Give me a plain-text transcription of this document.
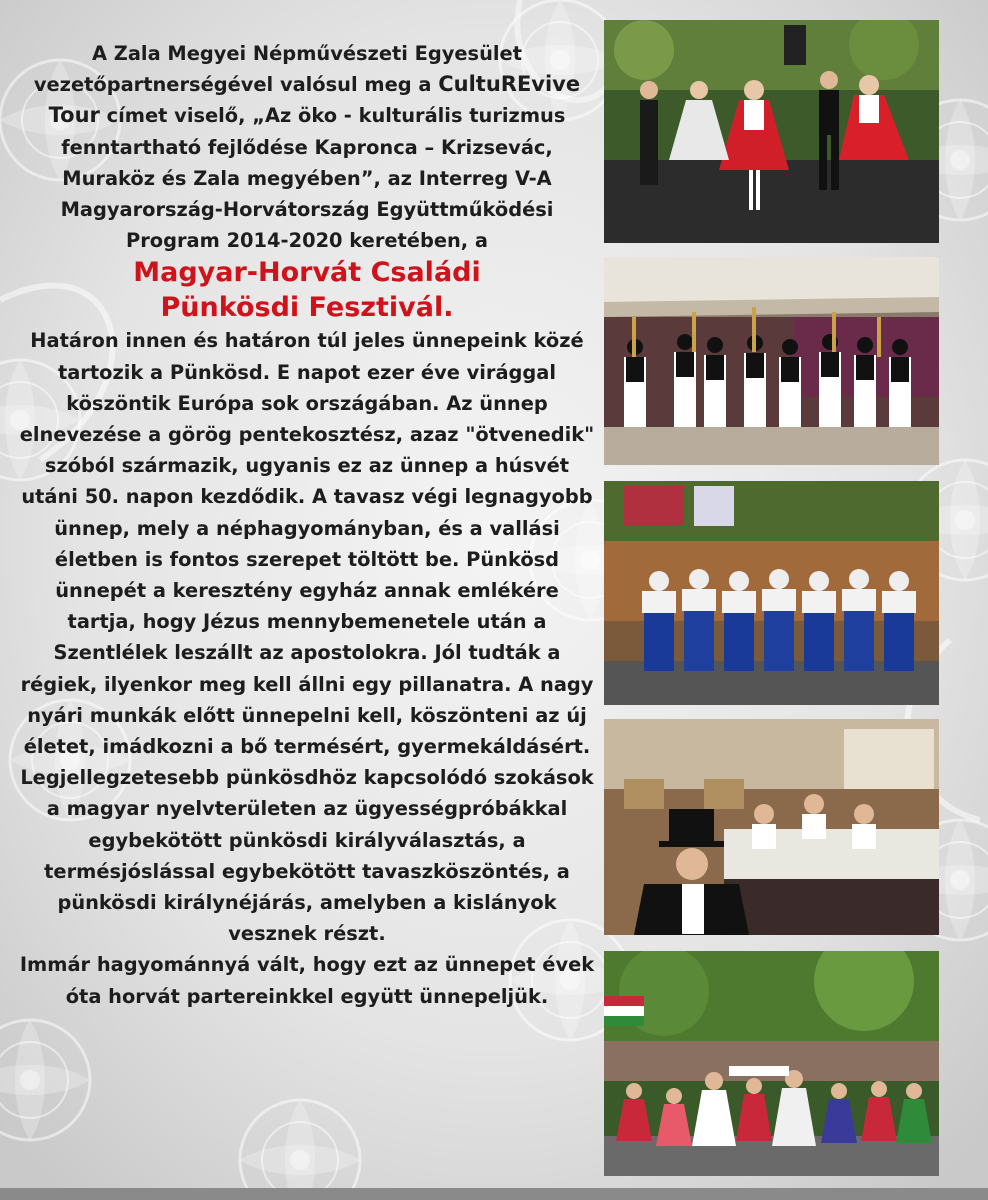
A Zala Megyei Népművészeti Egyesület vezetőpartnerségével valósul meg a CultuREvive Tour címet viselő, „Az öko - kulturális turizmus fenntartható fejlődése Kapronca – Krizsevác, Muraköz és Zala megyében”, az Interreg V-A Magyarország-Horvátország Együttműködési Program 2014-2020 keretében, a

Magyar-Horvát Családi
Pünkösdi Fesztivál.

Határon innen és határon túl jeles ünnepeink közé tartozik a Pünkösd. E napot ezer éve virággal köszöntik Európa sok országában. Az ünnep elnevezése a görög pentekosztész, azaz "ötvenedik" szóból származik, ugyanis ez az ünnep a húsvét utáni 50. napon kezdődik. A tavasz végi legnagyobb ünnep, mely a néphagyományban, és a vallási életben is fontos szerepet töltött be. Pünkösd ünnepét a keresztény egyház annak emlékére tartja, hogy Jézus mennybemenetele után a Szentlélek leszállt az apostolokra. Jól tudták a régiek, ilyenkor meg kell állni egy pillanatra. A nagy nyári munkák előtt ünnepelni kell, köszönteni az új életet, imádkozni a bő termésért, gyermekáldásért.

Legjellegzetesebb pünkösdhöz kapcsolódó szokások a magyar nyelvterületen az ügyességpróbákkal egybekötött pünkösdi királyválasztás, a termésjóslással egybekötött tavaszköszöntés, a pünkösdi királynéjárás, amelyben a kislányok vesznek részt.

Immár hagyománnyá vált, hogy ezt az ünnepet évek óta horvát partereinkkel együtt ünnepeljük.
